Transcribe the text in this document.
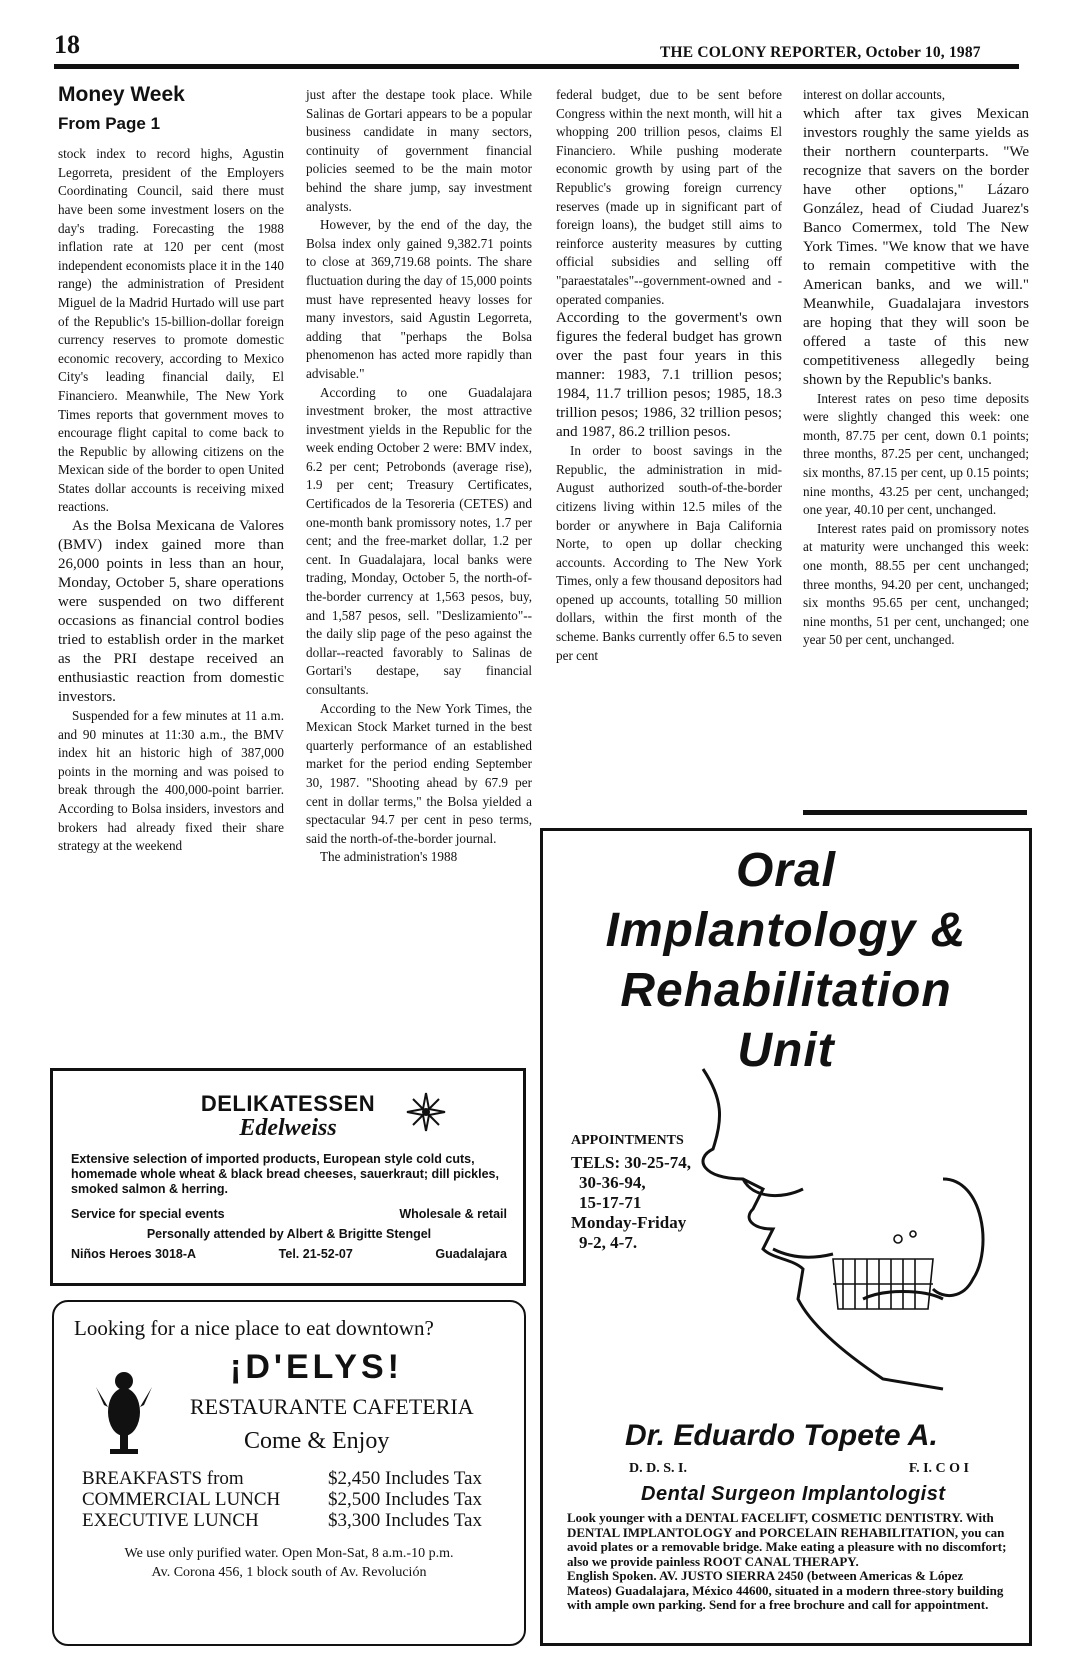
18	THE COLONY REPORTER, October 10, 1987
Money Week
From Page 1

stock index to record highs, Agustin Legorreta, president of the Employers Coordinating Council, said there must have been some investment losers on the day's trading. Forecasting the 1988 inflation rate at 120 per cent (most independent economists place it in the 140 range) the administration of President Miguel de la Madrid Hurtado will use part of the Republic's 15-billion-dollar foreign currency reserves to promote domestic economic recovery, according to Mexico City's leading financial daily, El Financiero. Meanwhile, The New York Times reports that government moves to encourage flight capital to come back to the Republic by allowing citizens on the Mexican side of the border to open United States dollar accounts is receiving mixed reactions.

As the Bolsa Mexicana de Valores (BMV) index gained more than 26,000 points in less than an hour, Monday, October 5, share operations were suspended on two different occasions as financial control bodies tried to establish order in the market as the PRI destape received an enthusiastic reaction from domestic investors.

Suspended for a few minutes at 11 a.m. and 90 minutes at 11:30 a.m., the BMV index hit an historic high of 387,000 points in the morning and was poised to break through the 400,000-point barrier. According to Bolsa insiders, investors and brokers had already fixed their share strategy at the weekend

just after the destape took place. While Salinas de Gortari appears to be a popular business candidate in many sectors, continuity of government financial policies seemed to be the main motor behind the share jump, say investment analysts.

However, by the end of the day, the Bolsa index only gained 9,382.71 points to close at 369,719.68 points. The share fluctuation during the day of 15,000 points must have represented heavy losses for many investors, said Agustin Legorreta, adding that "perhaps the Bolsa phenomenon has acted more rapidly than advisable."

According to one Guadalajara investment broker, the most attractive investment yields in the Republic for the week ending October 2 were: BMV index, 6.2 per cent; Petrobonds (average rise), 1.9 per cent; Treasury Certificates, Certificados de la Tesoreria (CETES) and one-month bank promissory notes, 1.7 per cent; and the free-market dollar, 1.2 per cent. In Guadalajara, local banks were trading, Monday, October 5, the north-of-the-border currency at 1,563 pesos, buy, and 1,587 pesos, sell. "Deslizamiento"--the daily slip page of the peso against the dollar--reacted favorably to Salinas de Gortari's destape, say financial consultants.

According to the New York Times, the Mexican Stock Market turned in the best quarterly performance of an established market for the period ending September 30, 1987. "Shooting ahead by 67.9 per cent in dollar terms," the Bolsa yielded a spectacular 94.7 per cent in peso terms, said the north-of-the-border journal.

The administration's 1988

federal budget, due to be sent before Congress within the next month, will hit a whopping 200 trillion pesos, claims El Financiero. While pushing moderate economic growth by using part of the Republic's growing foreign currency reserves (made up in significant part of foreign loans), the budget still aims to reinforce austerity measures by cutting official subsidies and selling off "paraestatales"--government-owned and -operated companies.

According to the goverment's own figures the federal budget has grown over the past four years in this manner: 1983, 7.1 trillion pesos; 1984, 11.7 trillion pesos; 1985, 18.3 trillion pesos; 1986, 32 trillion pesos; and 1987, 86.2 trillion pesos.

In order to boost savings in the Republic, the administration in mid-August authorized south-of-the-border citizens living within 12.5 miles of the border or anywhere in Baja California Norte, to open up dollar checking accounts. According to The New York Times, only a few thousand depositors had opened up accounts, totalling 50 million dollars, within the first month of the scheme. Banks currently offer 6.5 to seven per cent

interest on dollar accounts,

which after tax gives Mexican investors roughly the same yields as their northern counterparts. "We recognize that savers on the border have other options," Lázaro González, head of Ciudad Juarez's Banco Comermex, told The New York Times. "We know that we have to remain competitive with the American banks, and we will." Meanwhile, Guadalajara investors are hoping that they will soon be offered a taste of this new competitiveness allegedly being shown by the Republic's banks.

Interest rates on peso time deposits were slightly changed this week: one month, 87.75 per cent, down 0.1 points; three months, 87.25 per cent, unchanged; six months, 87.15 per cent, up 0.15 points; nine months, 43.25 per cent, unchanged; one year, 40.10 per cent, unchanged.

Interest rates paid on promissory notes at maturity were unchanged this week: one month, 88.55 per cent unchanged; three months, 94.20 per cent, unchanged; six months 95.65 per cent, unchanged; nine months, 51 per cent, unchanged; one year 50 per cent, unchanged.

DELIKATESSEN
Edelweiss
Extensive selection of imported products, European style cold cuts, homemade whole wheat & black bread cheeses, sauerkraut; dill pickles, smoked salmon & herring.
Service for special events	Wholesale & retail
Personally attended by Albert & Brigitte Stengel
Niños Heroes 3018-A	Tel. 21-52-07	Guadalajara
Looking for a nice place to eat downtown?
¡D'ELYS!
RESTAURANTE CAFETERIA
Come & Enjoy
BREAKFASTS from	$2,450 Includes Tax
COMMERCIAL LUNCH	$2,500 Includes Tax
EXECUTIVE LUNCH	$3,300 Includes Tax
We use only purified water. Open Mon-Sat, 8 a.m.-10 p.m.
Av. Corona 456, 1 block south of Av. Revolución
Oral
Implantology &
Rehabilitation
Unit
APPOINTMENTS
TELS: 30-25-74,
30-36-94,
15-17-71
Monday-Friday
9-2, 4-7.
Dr. Eduardo Topete A.
D. D. S. I.	F. I. C O I
Dental Surgeon Implantologist
Look younger with a DENTAL FACELIFT, COSMETIC DENTISTRY. With DENTAL IMPLANTOLOGY and PORCELAIN REHABILITATION, you can avoid plates or a removable bridge. Make eating a pleasure with no discomfort; also we provide painless ROOT CANAL THERAPY.
English Spoken. AV. JUSTO SIERRA 2450 (between Americas & López Mateos) Guadalajara, México 44600, situated in a modern three-story building with ample own parking. Send for a free brochure and call for appointment.
